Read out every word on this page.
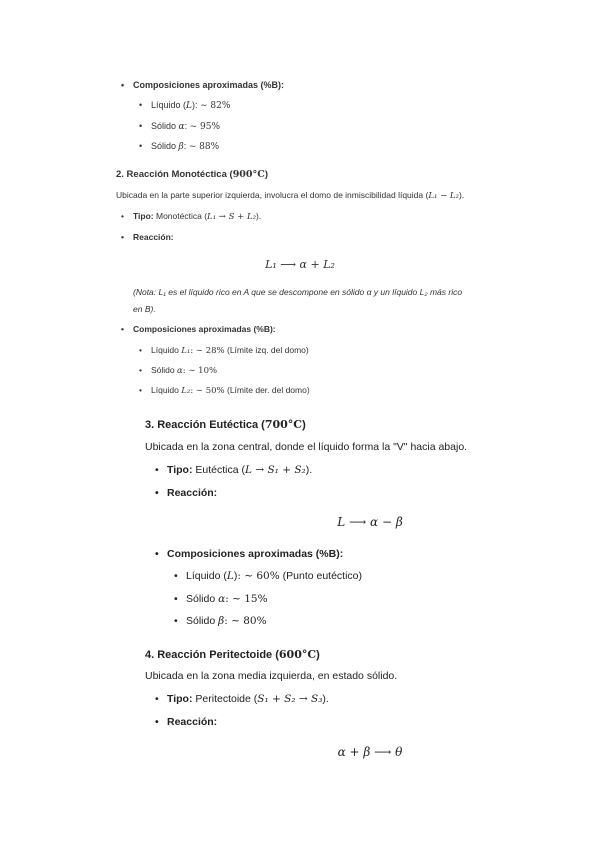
• Composiciones aproximadas (%B):
• Líquido (L): ∼ 82%
• Sólido α: ∼ 95%
• Sólido β: ∼ 88%
2. Reacción Monotéctica (900°C)
Ubicada en la parte superior izquierda, involucra el domo de inmiscibilidad líquida (L₁ − L₂).
• Tipo: Monotéctica (L₁ → S + L₂).
• Reacción:
L₁ ⟶ α + L₂
(Nota: L₁ es el líquido rico en A que se descompone en sólido α y un líquido L₂ más rico
en B).
• Composiciones aproximadas (%B):
• Líquido L₁: ∼ 28% (Límite izq. del domo)
• Sólido α: ∼ 10%
• Líquido L₂: ∼ 50% (Límite der. del domo)
3. Reacción Eutéctica (700°C)
Ubicada en la zona central, donde el líquido forma la "V" hacia abajo.
• Tipo: Eutéctica (L → S₁ + S₂).
• Reacción:
L ⟶ α − β
• Composiciones aproximadas (%B):
• Líquido (L): ∼ 60% (Punto eutéctico)
• Sólido α: ∼ 15%
• Sólido β: ∼ 80%
4. Reacción Peritectoide (600°C)
Ubicada en la zona media izquierda, en estado sólido.
• Tipo: Peritectoide (S₁ + S₂ → S₃).
• Reacción:
α + β ⟶ θ
